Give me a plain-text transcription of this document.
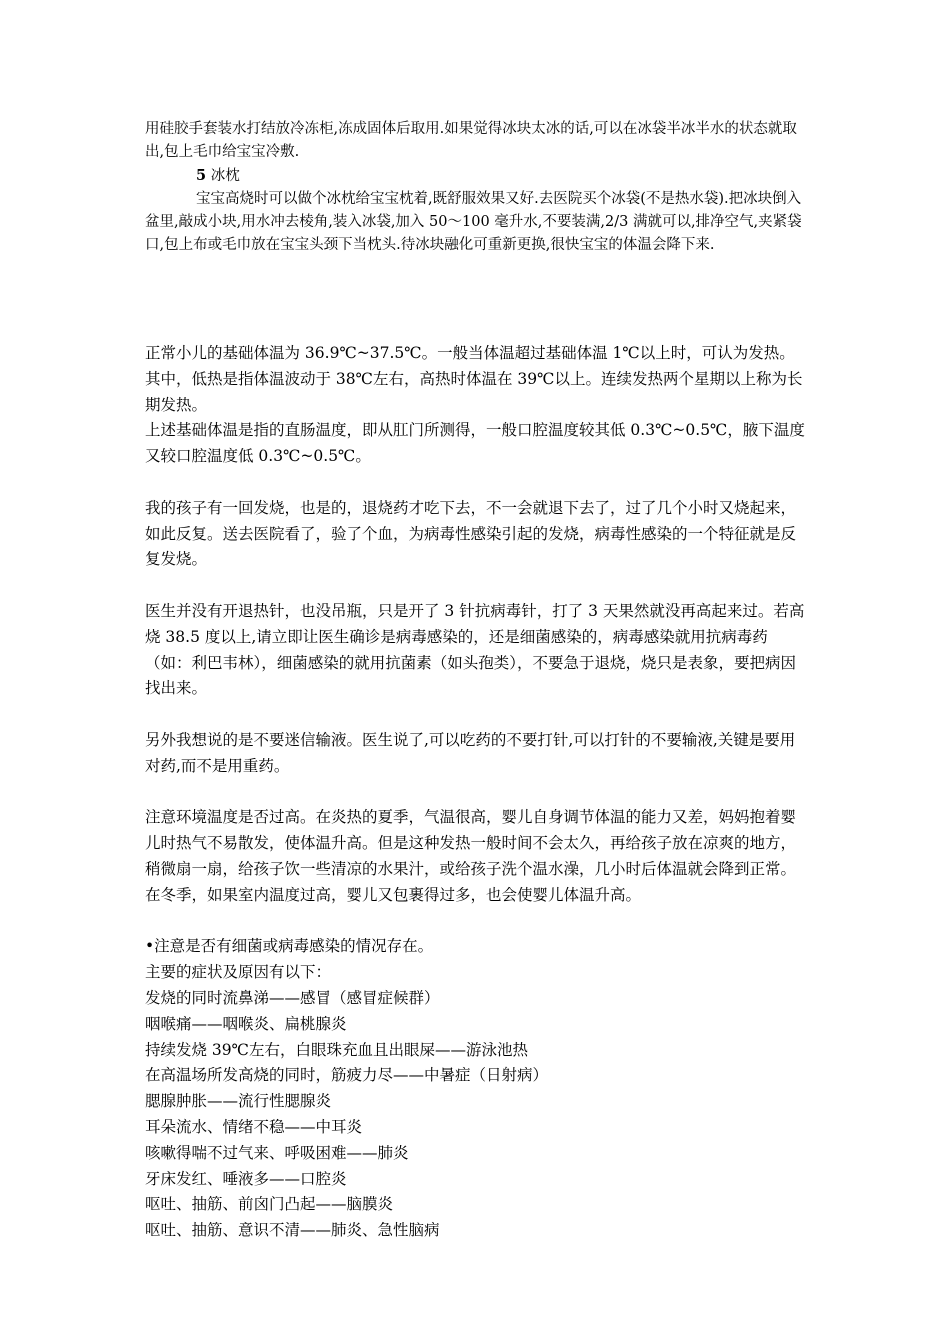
用硅胶手套装水打结放冷冻柜,冻成固体后取用.如果觉得冰块太冰的话,可以在冰袋半冰半水的状态就取出,包上毛巾给宝宝冷敷.

5 冰枕

宝宝高烧时可以做个冰枕给宝宝枕着,既舒服效果又好.去医院买个冰袋(不是热水袋).把冰块倒入盆里,敲成小块,用水冲去棱角,装入冰袋,加入 50～100 毫升水,不要装满,2/3 满就可以,排净空气,夹紧袋口,包上布或毛巾放在宝宝头颈下当枕头.待冰块融化可重新更换,很快宝宝的体温会降下来.

正常小儿的基础体温为 36.9℃~37.5℃。一般当体温超过基础体温 1℃以上时，可认为发热。其中，低热是指体温波动于 38℃左右，高热时体温在 39℃以上。连续发热两个星期以上称为长期发热。

上述基础体温是指的直肠温度，即从肛门所测得，一般口腔温度较其低 0.3℃~0.5℃，腋下温度又较口腔温度低 0.3℃~0.5℃。

我的孩子有一回发烧，也是的，退烧药才吃下去，不一会就退下去了，过了几个小时又烧起来，如此反复。送去医院看了，验了个血，为病毒性感染引起的发烧，病毒性感染的一个特征就是反复发烧。

医生并没有开退热针，也没吊瓶，只是开了 3 针抗病毒针，打了 3 天果然就没再高起来过。若高烧 38.5 度以上,请立即让医生确诊是病毒感染的，还是细菌感染的，病毒感染就用抗病毒药（如：利巴韦林），细菌感染的就用抗菌素（如头孢类），不要急于退烧，烧只是表象，要把病因找出来。

另外我想说的是不要迷信输液。医生说了,可以吃药的不要打针,可以打针的不要输液,关键是要用对药,而不是用重药。

注意环境温度是否过高。在炎热的夏季，气温很高，婴儿自身调节体温的能力又差，妈妈抱着婴儿时热气不易散发，使体温升高。但是这种发热一般时间不会太久，再给孩子放在凉爽的地方，稍微扇一扇，给孩子饮一些清凉的水果汁，或给孩子洗个温水澡，几小时后体温就会降到正常。在冬季，如果室内温度过高，婴儿又包裹得过多，也会使婴儿体温升高。

•注意是否有细菌或病毒感染的情况存在。

主要的症状及原因有以下：

发烧的同时流鼻涕——感冒（感冒症候群）

咽喉痛——咽喉炎、扁桃腺炎

持续发烧 39℃左右，白眼珠充血且出眼屎——游泳池热

在高温场所发高烧的同时，筋疲力尽——中暑症（日射病）

腮腺肿胀——流行性腮腺炎

耳朵流水、情绪不稳——中耳炎

咳嗽得喘不过气来、呼吸困难——肺炎

牙床发红、唾液多——口腔炎

呕吐、抽筋、前囟门凸起——脑膜炎

呕吐、抽筋、意识不清——肺炎、急性脑病
